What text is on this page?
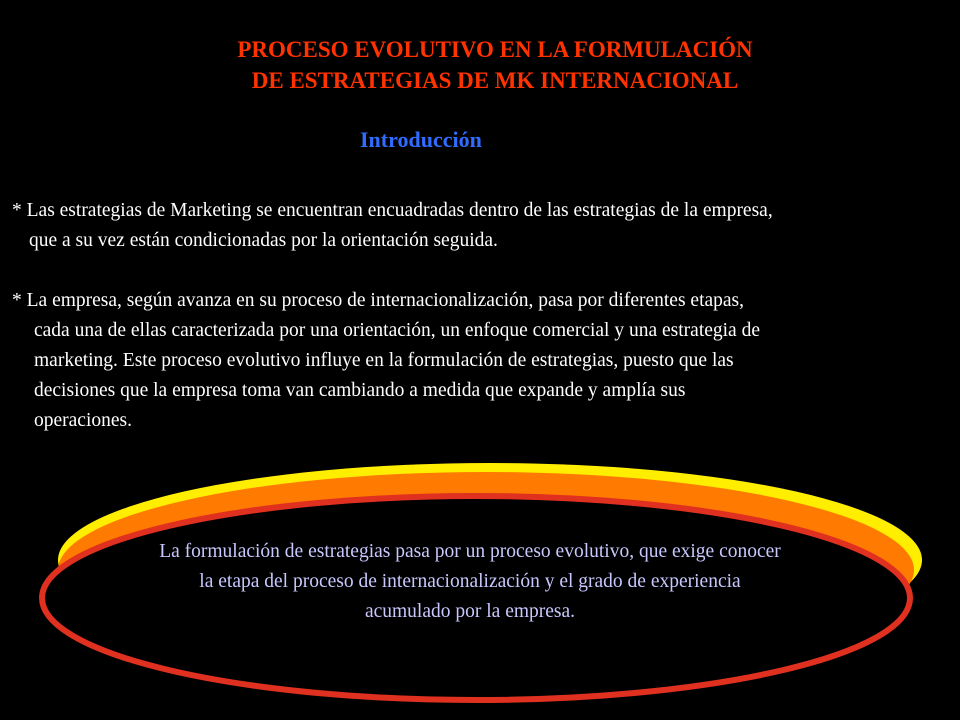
PROCESO EVOLUTIVO EN LA FORMULACIÓN
DE ESTRATEGIAS DE MK INTERNACIONAL
Introducción

* Las estrategias de Marketing se encuentran encuadradas dentro de las estrategias de la empresa,
que a su vez están condicionadas por la orientación seguida.

* La empresa, según avanza en su proceso de internacionalización, pasa por diferentes etapas,
cada una de ellas caracterizada por una orientación, un enfoque comercial y una estrategia de
marketing. Este proceso evolutivo influye en la formulación de estrategias, puesto que las
decisiones que la empresa toma van cambiando a medida que expande y amplía sus
operaciones.

La formulación de estrategias pasa por un proceso evolutivo, que exige conocer
la etapa del proceso de internacionalización y el grado de experiencia
acumulado por la empresa.
